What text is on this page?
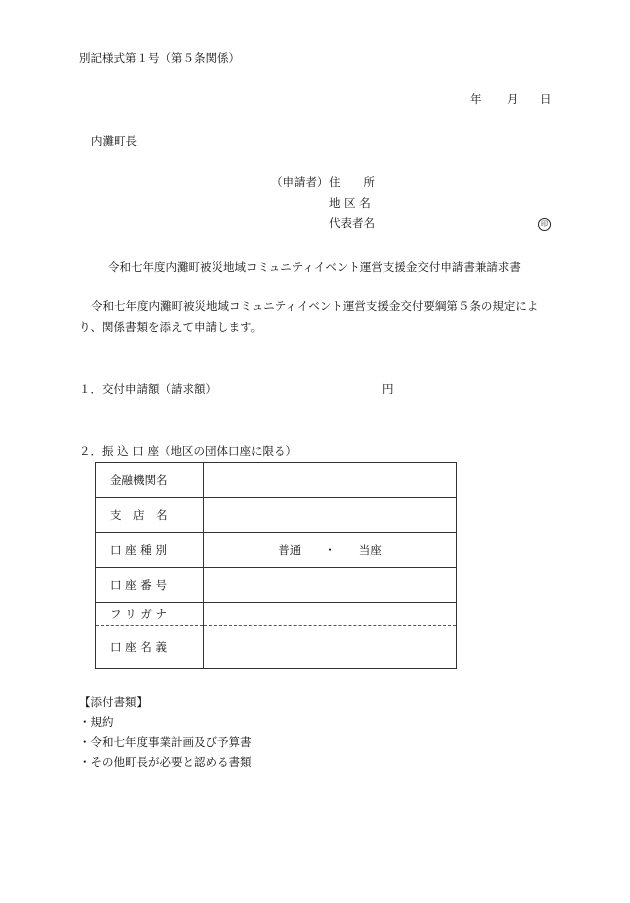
別記様式第１号（第５条関係）
年 月 日
内灘町長
（申請者） 住　　所
地 区 名
代表者名	印
令和七年度内灘町被災地域コミュニティイベント運営支援金交付申請書兼請求書
令和七年度内灘町被災地域コミュニティイベント運営支援金交付要綱第５条の規定によ
り、関係書類を添えて申請します。
１．交付申請額（請求額）	円
２．振 込 口 座（地区の団体口座に限る）
金融機関名	
支　店　名	
口 座 種 別	普通　　・　　当座
口 座 番 号	
フ リ ガ ナ	
口 座 名 義	
【添付書類】
・規約
・令和七年度事業計画及び予算書
・その他町長が必要と認める書類
